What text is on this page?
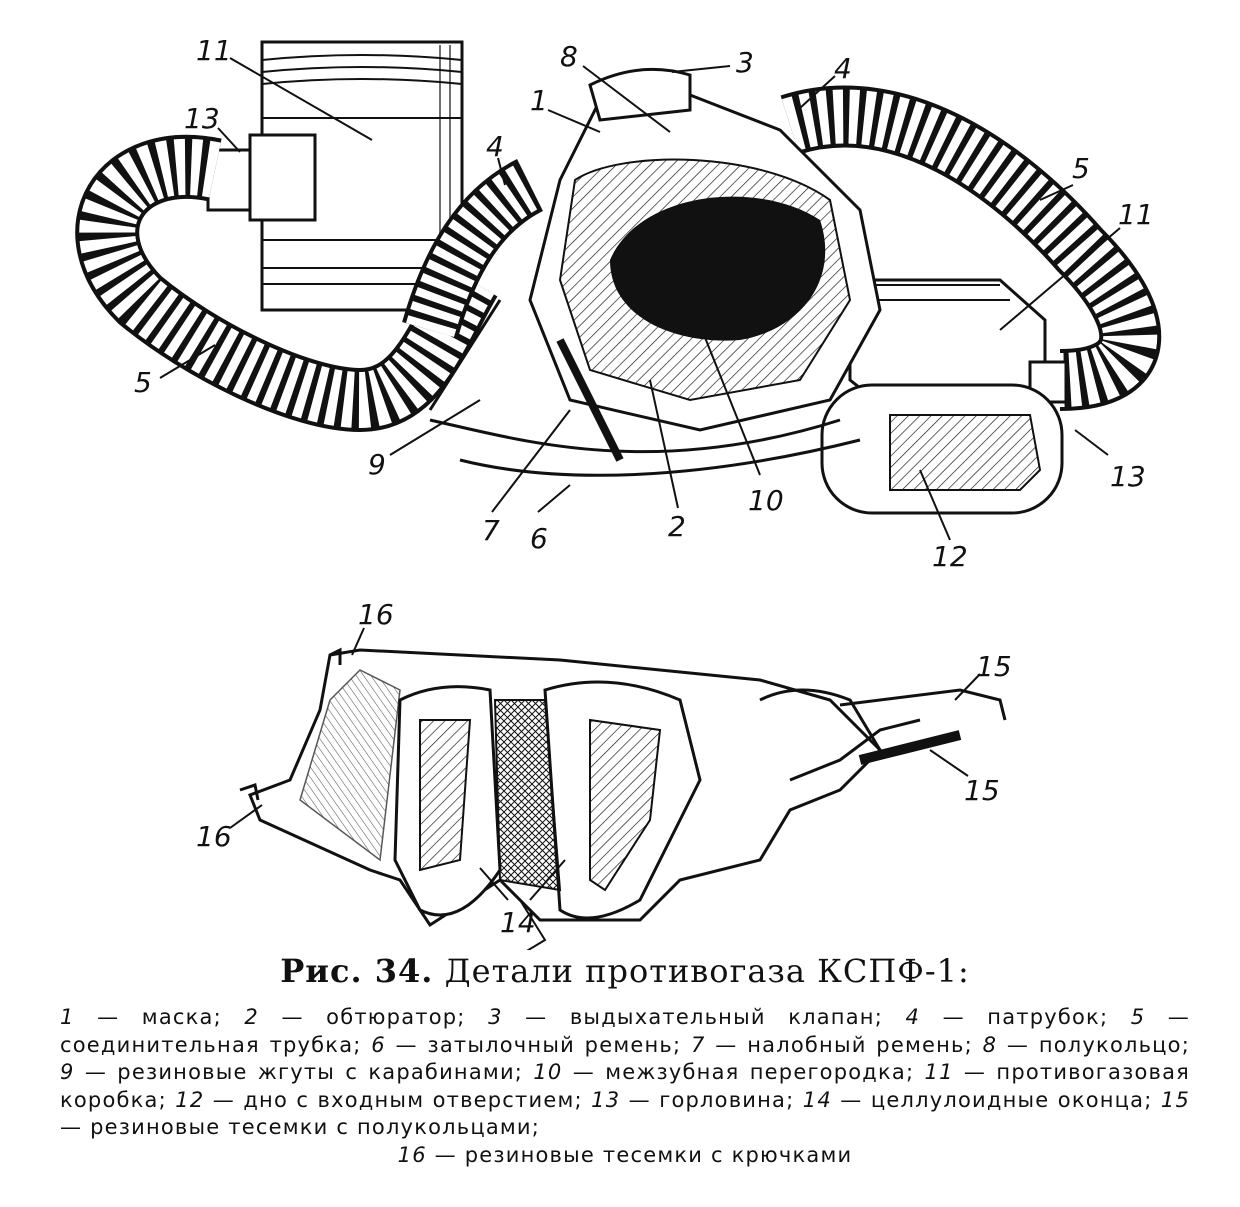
11
13
5
8	3
1
4
4
5
11
9
7 6	2
10
13
12
16
16
15
15
14

Рис. 34. Детали противогаза КСПФ-1:

1 — маска; 2 — обтюратор; 3 — выдыхательный клапан; 4 — патрубок; 5 — соединительная трубка; 6 — затылочный ремень; 7 — налобный ремень; 8 — полукольцо; 9 — резиновые жгуты с карабинами; 10 — межзубная перегородка; 11 — противогазовая коробка; 12 — дно с входным отверстием; 13 — горловина; 14 — целлулоидные оконца; 15 — резиновые тесемки с полукольцами;
16 — резиновые тесемки с крючками
